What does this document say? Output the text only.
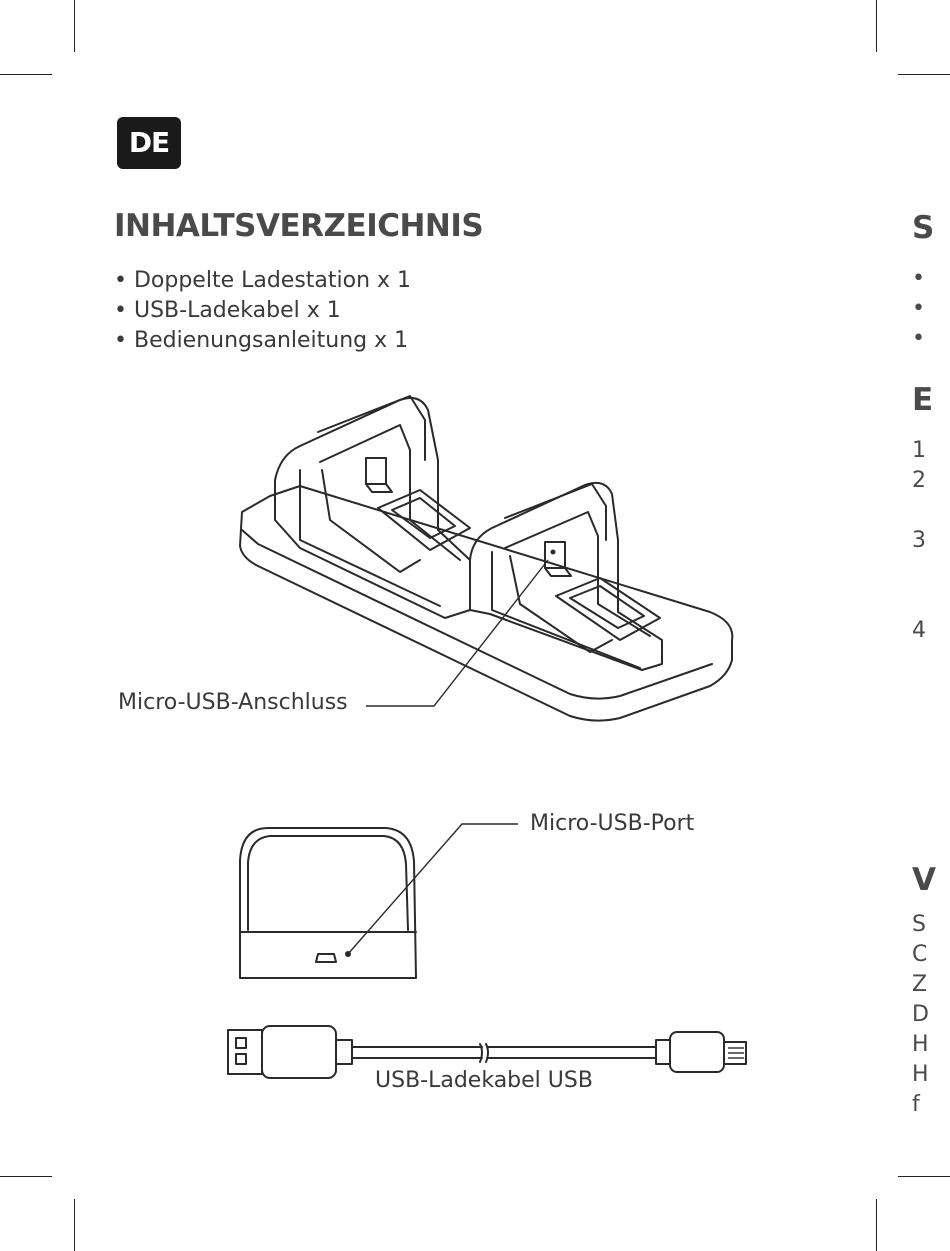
DE
INHALTSVERZEICHNIS
• Doppelte Ladestation x 1
• USB-Ladekabel x 1
• Bedienungsanleitung x 1
Micro-USB-Anschluss
Micro-USB-Port
USB-Ladekabel USB
S
•
•
•
E
1
2
3
4
V
S
C
Z
D
H
H
f
